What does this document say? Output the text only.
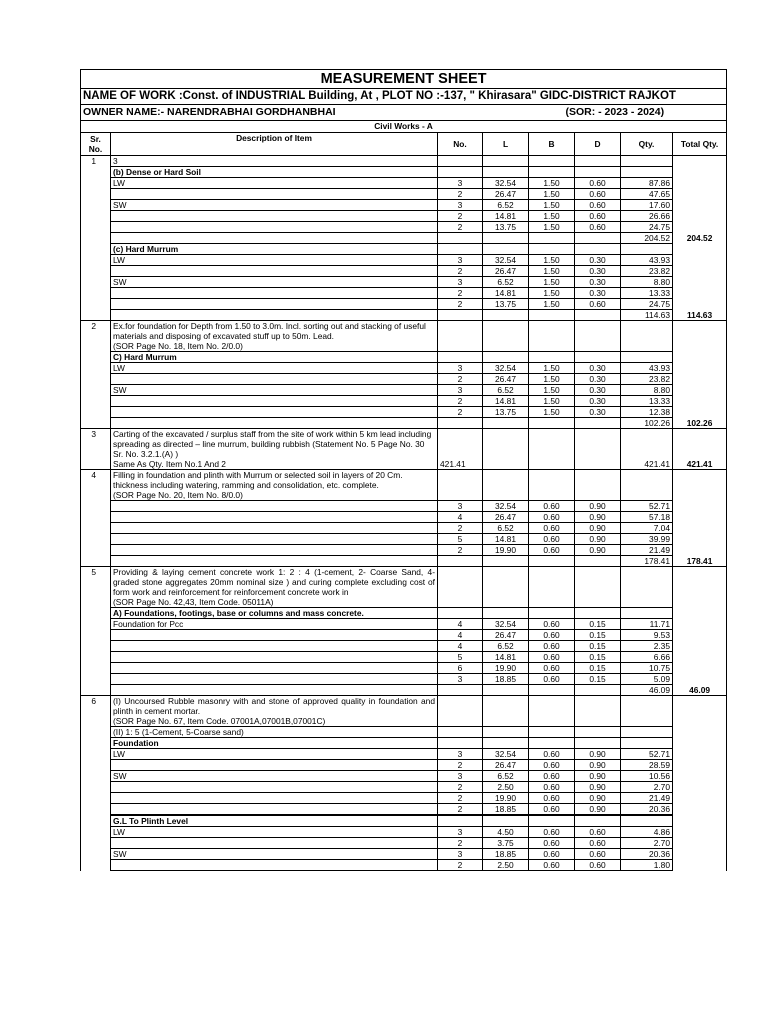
MEASUREMENT SHEET							
NAME OF WORK :Const. of INDUSTRIAL Building, At , PLOT NO :-137, " Khirasara" GIDC-DISTRICT RAJKOT							
OWNER NAME:- NARENDRABHAI GORDHANBHAI (SOR: - 2023 - 2024)							

Civil Works - A							
Sr. No.	Description of Item	No.	L	B	D	Qty.	Total Qty.
1	3						
	(b) Dense or Hard Soil						
	LW	3	32.54	1.50	0.60	87.86	
		2	26.47	1.50	0.60	47.65	
	SW	3	6.52	1.50	0.60	17.60	
		2	14.81	1.50	0.60	26.66	
		2	13.75	1.50	0.60	24.75	
						204.52	204.52
	(c) Hard Murrum						
	LW	3	32.54	1.50	0.30	43.93	
		2	26.47	1.50	0.30	23.82	
	SW	3	6.52	1.50	0.30	8.80	
		2	14.81	1.50	0.30	13.33	
		2	13.75	1.50	0.60	24.75	
						114.63	114.63
2	Ex.for foundation for Depth from 1.50 to 3.0m. Incl. sorting out and stacking of useful materials and disposing of excavated stuff up to 50m. Lead.						
	(SOR Page No. 18, Item No. 2/0.0)						
	C) Hard Murrum						
	LW	3	32.54	1.50	0.30	43.93	
		2	26.47	1.50	0.30	23.82	
	SW	3	6.52	1.50	0.30	8.80	
		2	14.81	1.50	0.30	13.33	
		2	13.75	1.50	0.30	12.38	
						102.26	102.26
3	Carting of the excavated / surplus staff from the site of work within 5 km lead including spreading as directed – line murrum, building rubbish (Statement No. 5 Page No. 30 Sr. No. 3.2.1.(A) )						
	Same As Qty. Item No.1 And 2	421.41				421.41	421.41
4	Filling in foundation and plinth with Murrum or selected soil in layers of 20 Cm. thickness including watering, ramming and consolidation, etc. complete.						
	(SOR Page No. 20, Item No. 8/0.0)						
		3	32.54	0.60	0.90	52.71	
		4	26.47	0.60	0.90	57.18	
		2	6.52	0.60	0.90	7.04	
		5	14.81	0.60	0.90	39.99	
		2	19.90	0.60	0.90	21.49	
						178.41	178.41
5	Providing & laying cement concrete work 1: 2 : 4 (1-cement, 2- Coarse Sand, 4- graded stone aggregates 20mm nominal size ) and curing complete excluding cost of form work and reinforcement for reinforcement concrete work in						
	(SOR Page No. 42,43, Item Code. 05011A)						
	A) Foundations, footings, base or columns and mass concrete.						
	Foundation for Pcc	4	32.54	0.60	0.15	11.71	
		4	26.47	0.60	0.15	9.53	
		4	6.52	0.60	0.15	2.35	
		5	14.81	0.60	0.15	6.66	
		6	19.90	0.60	0.15	10.75	
		3	18.85	0.60	0.15	5.09	
						46.09	46.09
6	(I) Uncoursed Rubble masonry with and stone of approved quality in foundation and plinth in cement mortar.						
	(SOR Page No. 67, Item Code. 07001A,07001B,07001C)						
	(II) 1: 5 (1-Cement, 5-Coarse sand)						
	Foundation						
	LW	3	32.54	0.60	0.90	52.71	
		2	26.47	0.60	0.90	28.59	
	SW	3	6.52	0.60	0.90	10.56	
		2	2.50	0.60	0.90	2.70	
		2	19.90	0.60	0.90	21.49	
		2	18.85	0.60	0.90	20.36	

	G.L To Plinth Level						
	LW	3	4.50	0.60	0.60	4.86	
		2	3.75	0.60	0.60	2.70	
	SW	3	18.85	0.60	0.60	20.36	
		2	2.50	0.60	0.60	1.80	
